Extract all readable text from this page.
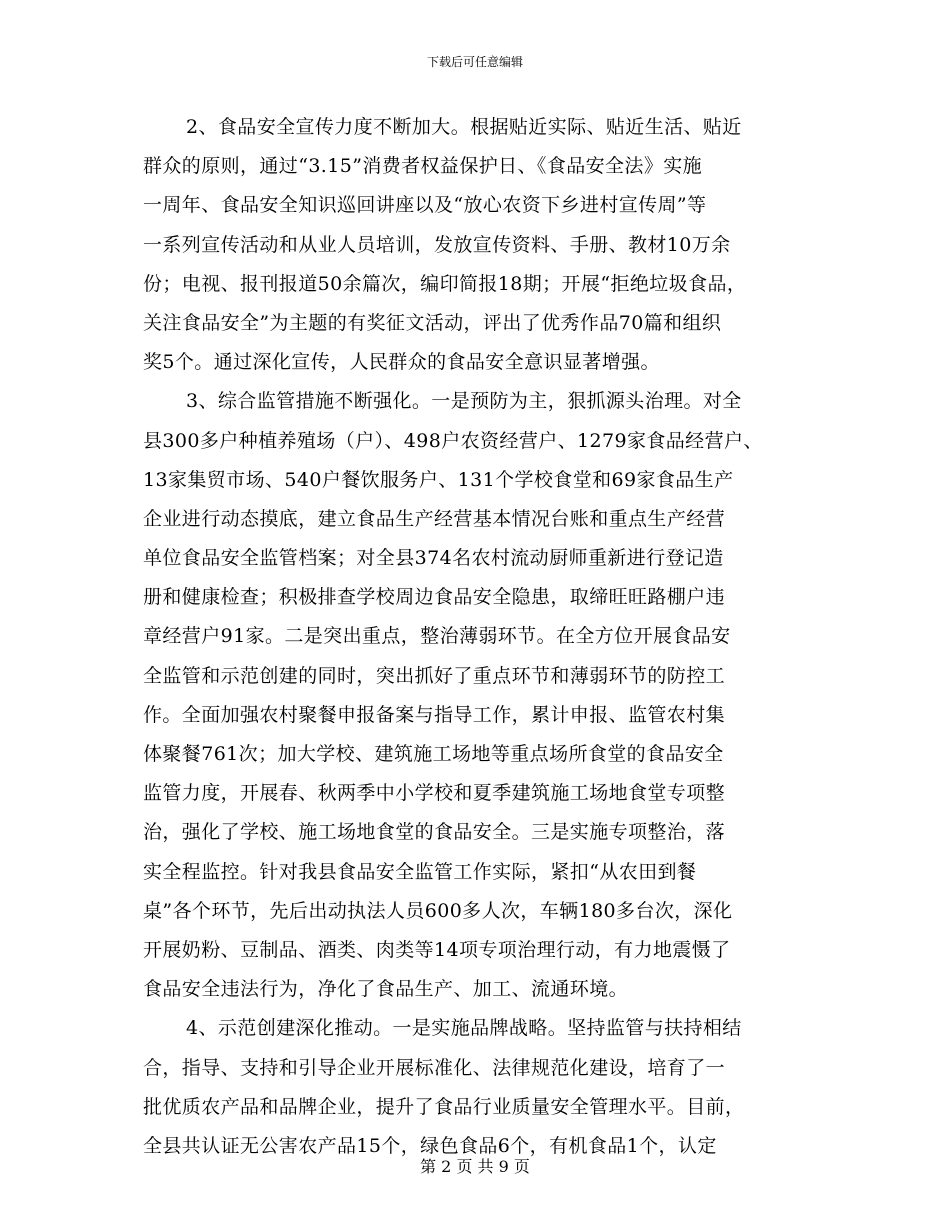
下载后可任意编辑
2、食品安全宣传力度不断加大。根据贴近实际、贴近生活、贴近
群众的原则，通过“3.15”消费者权益保护日、《食品安全法》实施
一周年、食品安全知识巡回讲座以及“放心农资下乡进村宣传周”等
一系列宣传活动和从业人员培训，发放宣传资料、手册、教材10万余
份；电视、报刊报道50余篇次，编印简报18期；开展“拒绝垃圾食品，
关注食品安全”为主题的有奖征文活动，评出了优秀作品70篇和组织
奖5个。通过深化宣传，人民群众的食品安全意识显著增强。
3、综合监管措施不断强化。一是预防为主，狠抓源头治理。对全
县300多户种植养殖场（户）、498户农资经营户、1279家食品经营户、
13家集贸市场、540户餐饮服务户、131个学校食堂和69家食品生产
企业进行动态摸底，建立食品生产经营基本情况台账和重点生产经营
单位食品安全监管档案；对全县374名农村流动厨师重新进行登记造
册和健康检查；积极排查学校周边食品安全隐患，取缔旺旺路棚户违
章经营户91家。二是突出重点，整治薄弱环节。在全方位开展食品安
全监管和示范创建的同时，突出抓好了重点环节和薄弱环节的防控工
作。全面加强农村聚餐申报备案与指导工作，累计申报、监管农村集
体聚餐761次；加大学校、建筑施工场地等重点场所食堂的食品安全
监管力度，开展春、秋两季中小学校和夏季建筑施工场地食堂专项整
治，强化了学校、施工场地食堂的食品安全。三是实施专项整治，落
实全程监控。针对我县食品安全监管工作实际，紧扣“从农田到餐
桌”各个环节，先后出动执法人员600多人次，车辆180多台次，深化
开展奶粉、豆制品、酒类、肉类等14项专项治理行动，有力地震慑了
食品安全违法行为，净化了食品生产、加工、流通环境。
4、示范创建深化推动。一是实施品牌战略。坚持监管与扶持相结
合，指导、支持和引导企业开展标准化、法律规范化建设，培育了一
批优质农产品和品牌企业，提升了食品行业质量安全管理水平。目前，
全县共认证无公害农产品15个，绿色食品6个，有机食品1个，认定
第 2 页 共 9 页
